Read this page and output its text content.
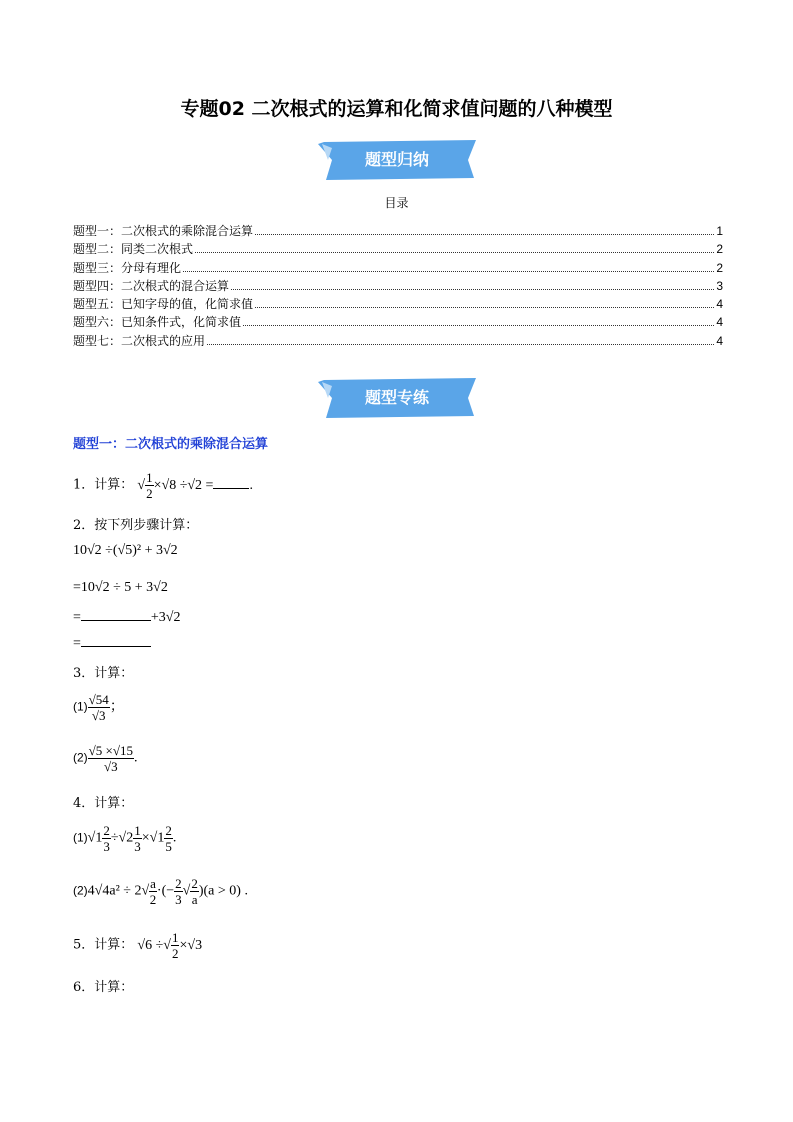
专题02 二次根式的运算和化简求值问题的八种模型
题型归纳
目录
题型一：二次根式的乘除混合运算	1
题型二：同类二次根式	2
题型三：分母有理化	2
题型四：二次根式的混合运算	3
题型五：已知字母的值，化简求值	4
题型六：已知条件式，化简求值	4
题型七：二次根式的应用	4
题型专练
题型一：二次根式的乘除混合运算
1．计算： √ $\frac{1}{2} \times√8 \div√2$ =	.
2．按下列步骤计算：
10√2 ÷(√5)² + 3√2
=10√2 ÷ 5 + 3√2
=	+3√2
=
3．计算：
$(1) \frac{√54}{√3}$ ；
$(2) \frac{√5 \times√15}{√3}$ .
4．计算：
$(1)√1 \frac{2}{3} \div√2 \frac{1}{3} \times√1 \frac{2}{5}$ .
$(2)4√4a^2 \div 2√ \frac{a}{2}$ ·(− $\frac{2}{3}$ √ $\frac{2}{a} )(a > 0)$ .
5．计算： √6 ÷√ $\frac{1}{2} \times√3$
6．计算：
